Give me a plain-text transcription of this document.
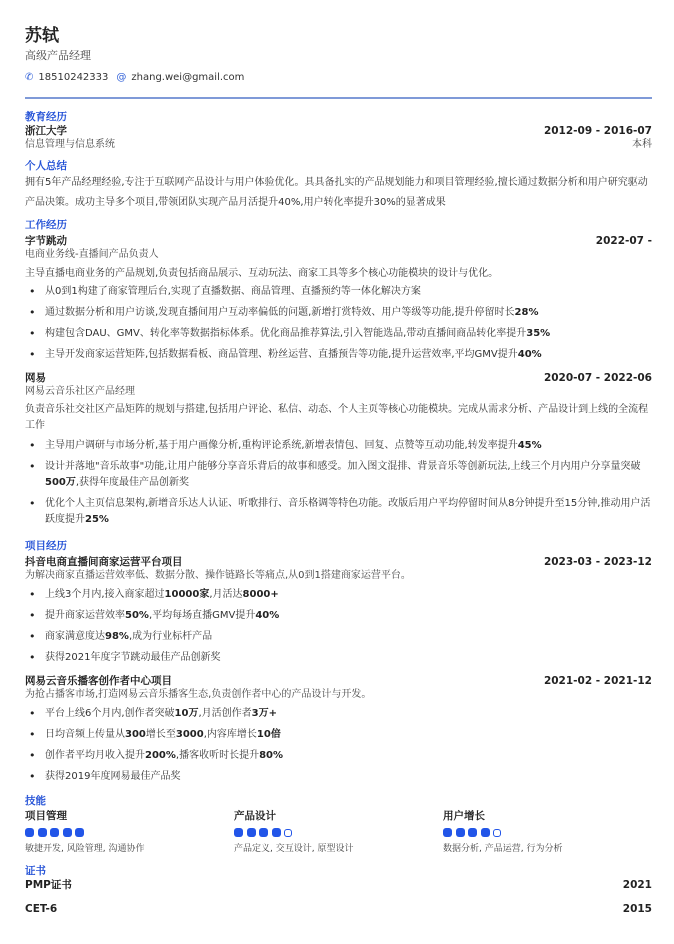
苏轼
高级产品经理
✆ 18510242333 @ zhang.wei@gmail.com
教育经历
浙江大学	2012-09 - 2016-07
信息管理与信息系统	本科
个人总结
拥有5年产品经理经验,专注于互联网产品设计与用户体验优化。具具备扎实的产品规划能力和项目管理经验,擅长通过数据分析和用户研究驱动产品决策。成功主导多个项目,带领团队实现产品月活提升40%,用户转化率提升30%的显著成果
工作经历
字节跳动	2022-07 -
电商业务线-直播间产品负责人
主导直播电商业务的产品规划,负责包括商品展示、互动玩法、商家工具等多个核心功能模块的设计与优化。
• 从0到1构建了商家管理后台,实现了直播数据、商品管理、直播预约等一体化解决方案
• 通过数据分析和用户访谈,发现直播间用户互动率偏低的问题,新增打赏特效、用户等级等功能,提升停留时长28%
• 构建包含DAU、GMV、转化率等数据指标体系。优化商品推荐算法,引入智能选品,带动直播间商品转化率提升35%
• 主导开发商家运营矩阵,包括数据看板、商品管理、粉丝运营、直播预告等功能,提升运营效率,平均GMV提升40%
网易	2020-07 - 2022-06
网易云音乐社区产品经理
负责音乐社交社区产品矩阵的规划与搭建,包括用户评论、私信、动态、个人主页等核心功能模块。完成从需求分析、产品设计到上线的全流程工作
• 主导用户调研与市场分析,基于用户画像分析,重构评论系统,新增表情包、回复、点赞等互动功能,转发率提升45%
• 设计并落地"音乐故事"功能,让用户能够分享音乐背后的故事和感受。加入图文混排、背景音乐等创新玩法,上线三个月内用户分享量突破500万,获得年度最佳产品创新奖
• 优化个人主页信息架构,新增音乐达人认证、听歌排行、音乐格调等特色功能。改版后用户平均停留时间从8分钟提升至15分钟,推动用户活跃度提升25%
项目经历
抖音电商直播间商家运营平台项目	2023-03 - 2023-12
为解决商家直播运营效率低、数据分散、操作链路长等痛点,从0到1搭建商家运营平台。
• 上线3个月内,接入商家超过10000家,月活达8000+
• 提升商家运营效率50%,平均每场直播GMV提升40%
• 商家满意度达98%,成为行业标杆产品
• 获得2021年度字节跳动最佳产品创新奖
网易云音乐播客创作者中心项目	2021-02 - 2021-12
为抢占播客市场,打造网易云音乐播客生态,负责创作者中心的产品设计与开发。
• 平台上线6个月内,创作者突破10万,月活创作者3万+
• 日均音频上传量从300增长至3000,内容库增长10倍
• 创作者平均月收入提升200%,播客收听时长提升80%
• 获得2019年度网易最佳产品奖
技能
项目管理
敏捷开发, 风险管理, 沟通协作
产品设计
产品定义, 交互设计, 原型设计
用户增长
数据分析, 产品运营, 行为分析
证书
PMP证书	2021
CET-6	2015
